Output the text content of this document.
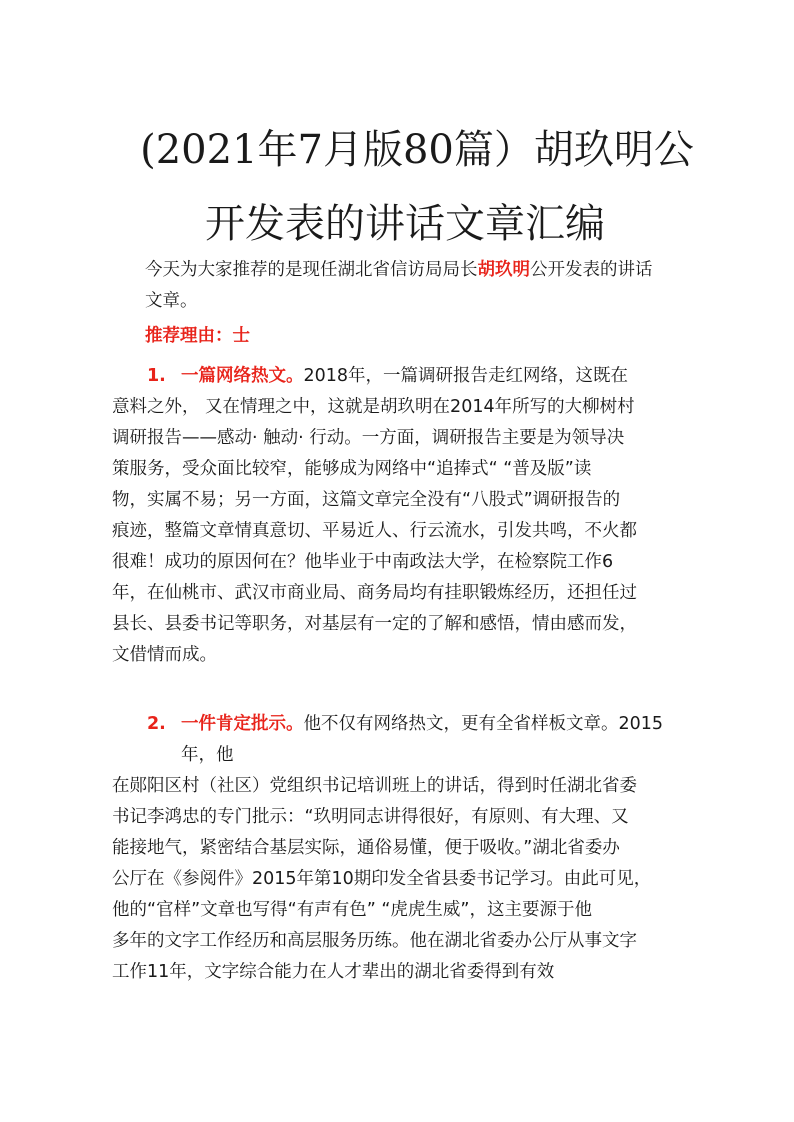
(2021年7月版80篇）胡玖明公
开发表的讲话文章汇编
今天为大家推荐的是现任湖北省信访局局长胡玖明公开发表的讲话
文章。
推荐理由：士
1. 一篇网络热文。2018年，一篇调研报告走红网络，这既在
意料之外， 又在情理之中，这就是胡玖明在2014年所写的大柳树村
调研报告——感动· 触动· 行动。一方面，调研报告主要是为领导决
策服务，受众面比较窄，能够成为网络中“追捧式“ “普及版”读
物，实属不易；另一方面，这篇文章完全没有“八股式”调研报告的
痕迹，整篇文章情真意切、平易近人、行云流水，引发共鸣，不火都
很难！成功的原因何在？他毕业于中南政法大学，在检察院工作6
年，在仙桃市、武汉市商业局、商务局均有挂职锻炼经历，还担任过
县长、县委书记等职务，对基层有一定的了解和感悟，情由感而发，
文借情而成。
2. 一件肯定批示。他不仅有网络热文，更有全省样板文章。2015
年，他
在郧阳区村（社区）党组织书记培训班上的讲话，得到时任湖北省委
书记李鸿忠的专门批示：“玖明同志讲得很好，有原则、有大理、又
能接地气，紧密结合基层实际，通俗易懂，便于吸收。”湖北省委办
公厅在《参阅件》2015年第10期印发全省县委书记学习。由此可见，
他的“官样”文章也写得“有声有色” “虎虎生威”，这主要源于他
多年的文字工作经历和高层服务历练。他在湖北省委办公厅从事文字
工作11年，文字综合能力在人才辈出的湖北省委得到有效
